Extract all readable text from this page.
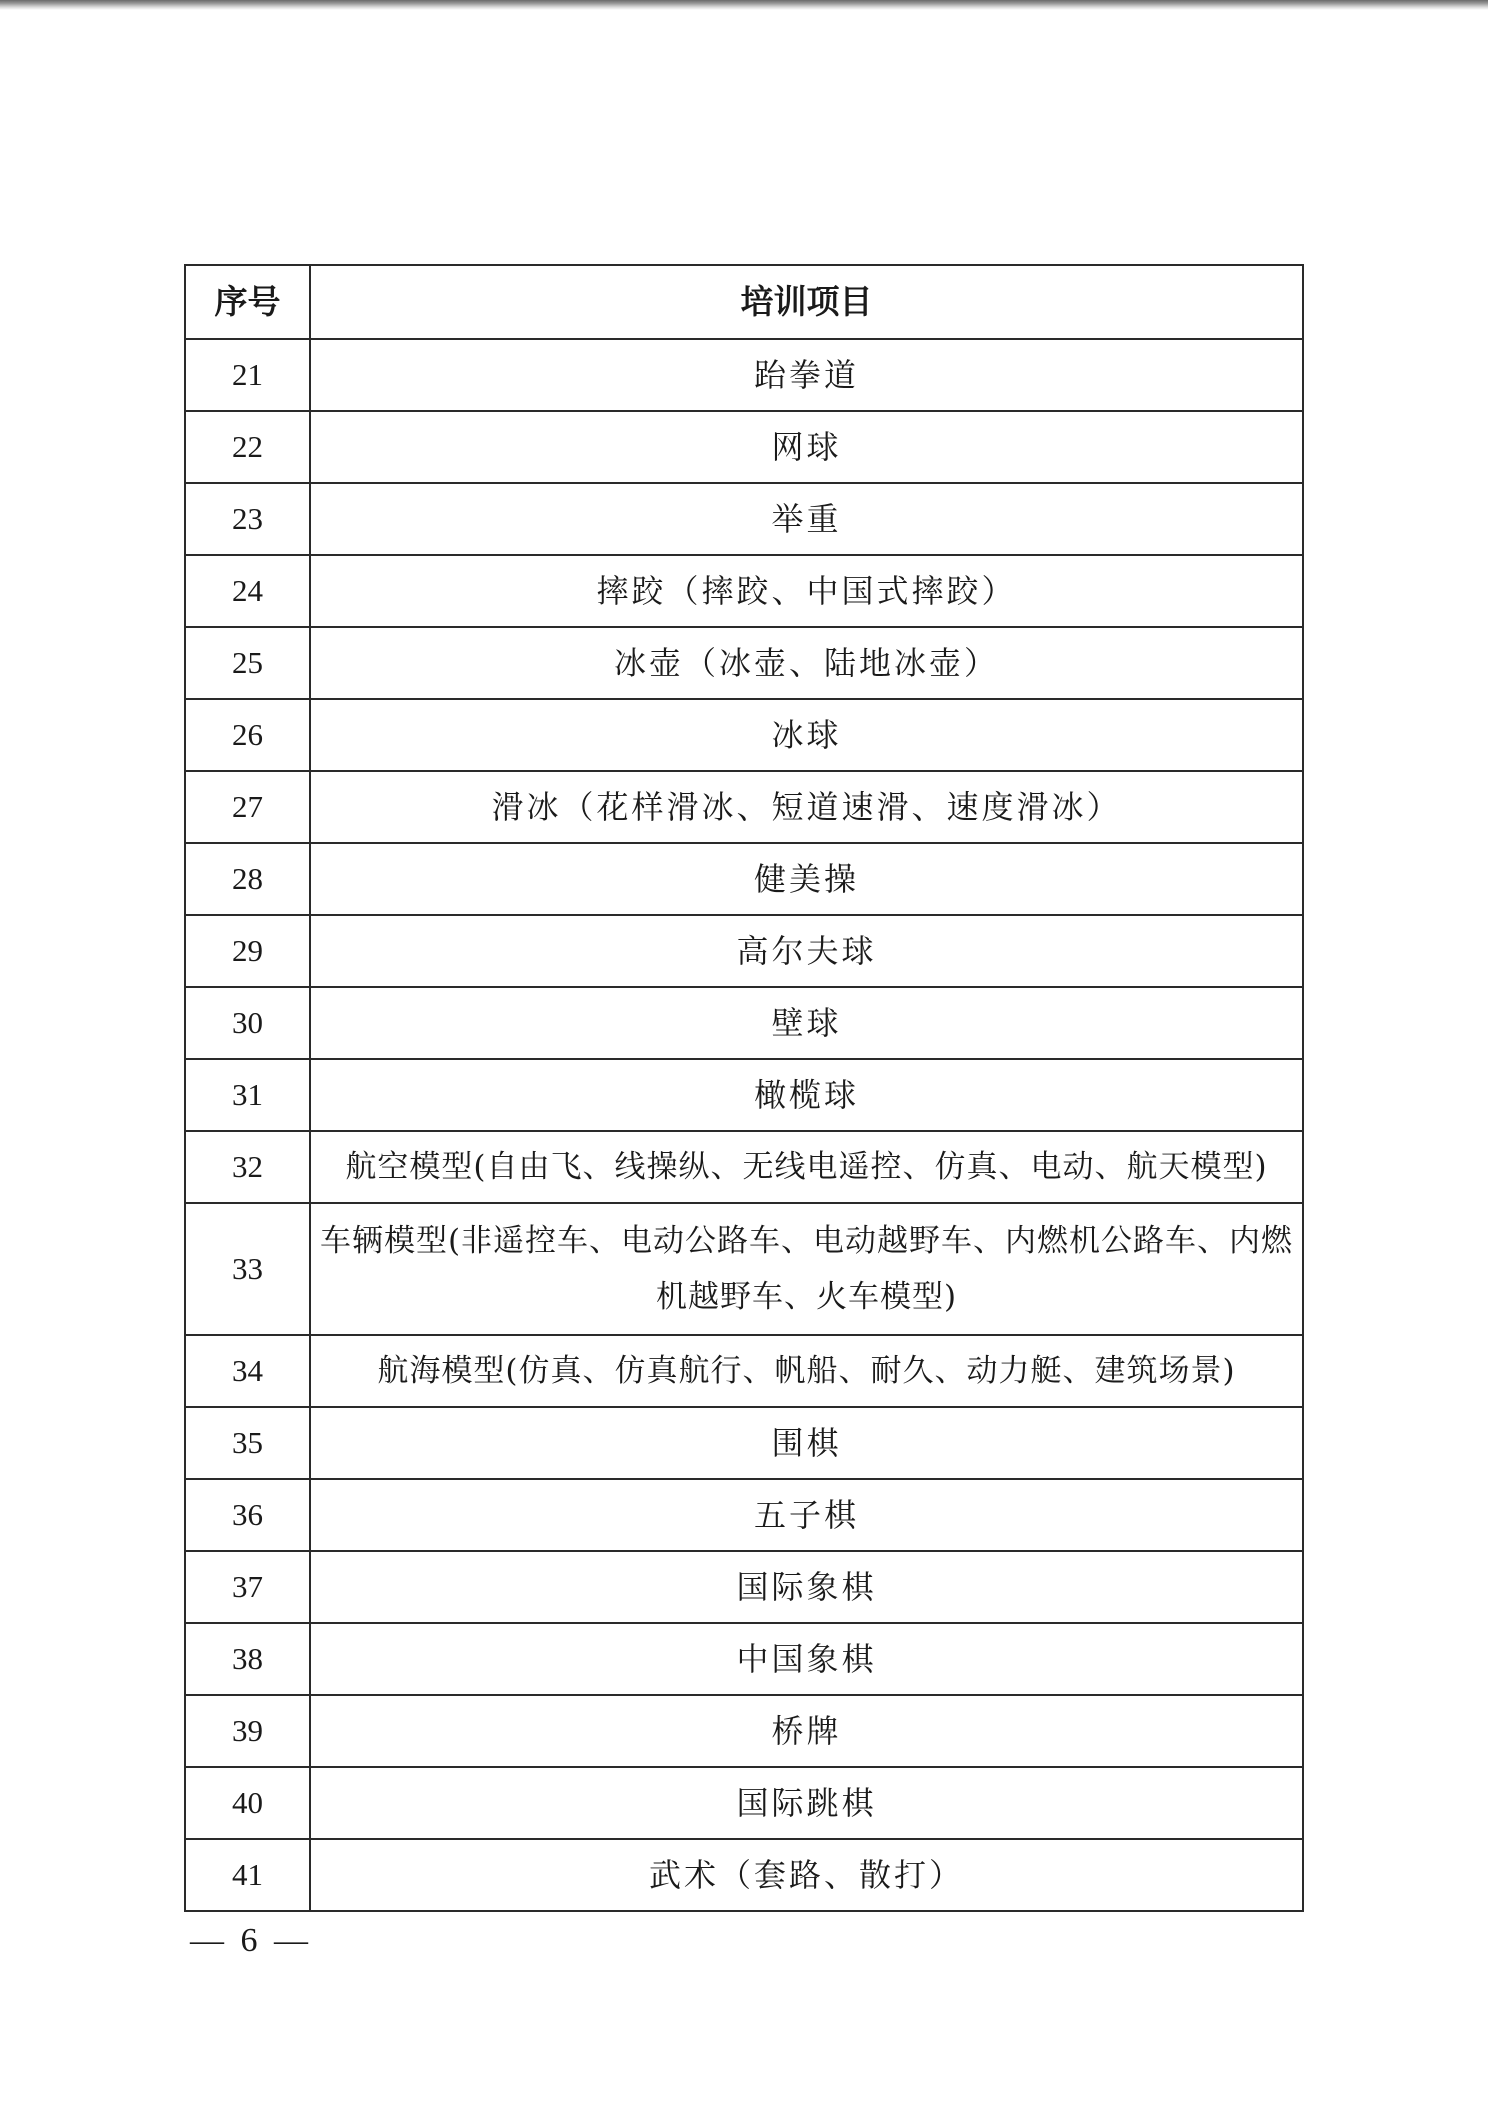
序号	培训项目
21	跆拳道
22	网球
23	举重
24	摔跤（摔跤、中国式摔跤）
25	冰壶（冰壶、陆地冰壶）
26	冰球
27	滑冰（花样滑冰、短道速滑、速度滑冰）
28	健美操
29	高尔夫球
30	壁球
31	橄榄球
32	航空模型(自由飞、线操纵、无线电遥控、仿真、电动、航天模型)
33	车辆模型(非遥控车、电动公路车、电动越野车、内燃机公路车、内燃机越野车、火车模型)
34	航海模型(仿真、仿真航行、帆船、耐久、动力艇、建筑场景)
35	围棋
36	五子棋
37	国际象棋
38	中国象棋
39	桥牌
40	国际跳棋
41	武术（套路、散打）
— 6 —
